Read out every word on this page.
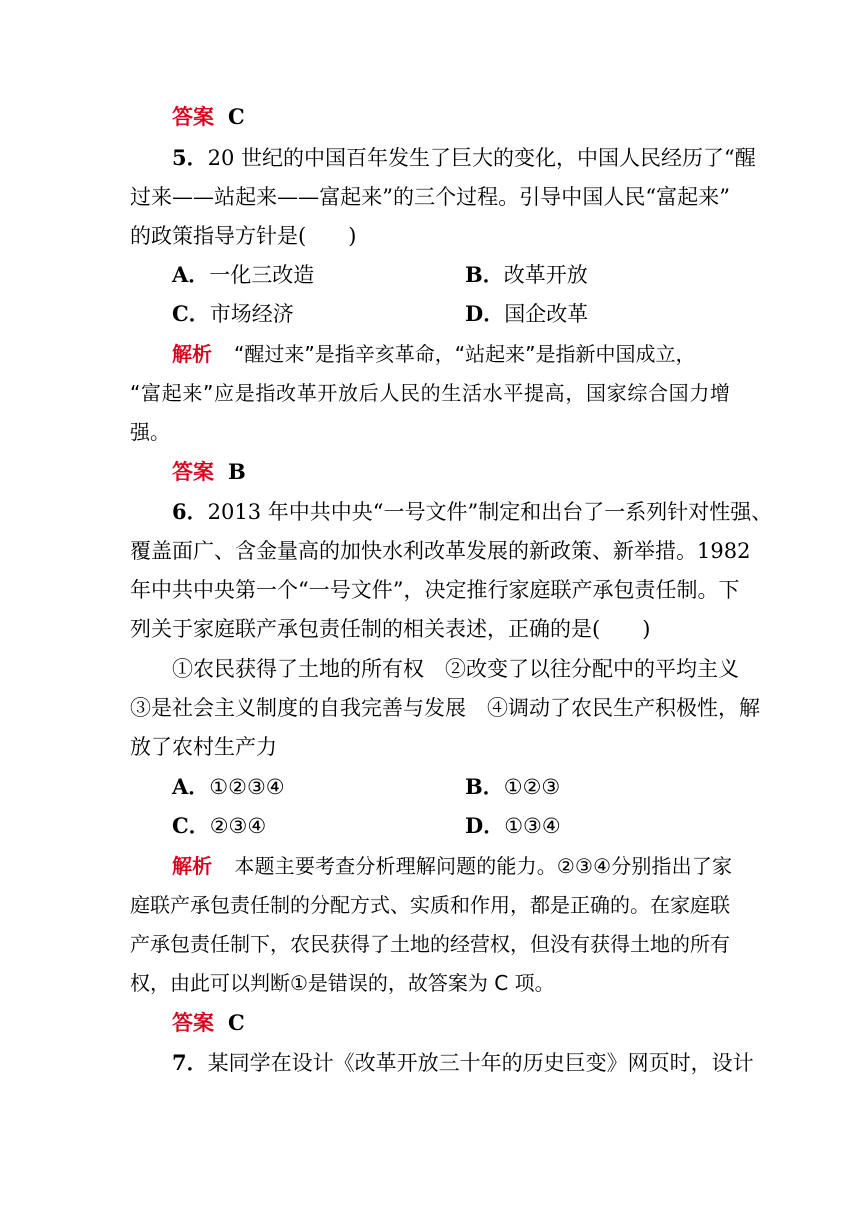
答案 C
5．20 世纪的中国百年发生了巨大的变化，中国人民经历了“醒
过来——站起来——富起来”的三个过程。引导中国人民“富起来”
的政策指导方针是(　　)
A．一化三改造	B．改革开放
C．市场经济	D．国企改革
解析 “醒过来”是指辛亥革命，“站起来”是指新中国成立，
“富起来”应是指改革开放后人民的生活水平提高，国家综合国力增
强。
答案 B
6．2013 年中共中央“一号文件”制定和出台了一系列针对性强、
覆盖面广、含金量高的加快水利改革发展的新政策、新举措。1982
年中共中央第一个“一号文件”，决定推行家庭联产承包责任制。下
列关于家庭联产承包责任制的相关表述，正确的是(　　)
①农民获得了土地的所有权　②改变了以往分配中的平均主义
③是社会主义制度的自我完善与发展　④调动了农民生产积极性，解
放了农村生产力
A．①②③④	B．①②③
C．②③④	D．①③④
解析 本题主要考查分析理解问题的能力。②③④分别指出了家
庭联产承包责任制的分配方式、实质和作用，都是正确的。在家庭联
产承包责任制下，农民获得了土地的经营权，但没有获得土地的所有
权，由此可以判断①是错误的，故答案为 C 项。
答案 C
7．某同学在设计《改革开放三十年的历史巨变》网页时，设计
